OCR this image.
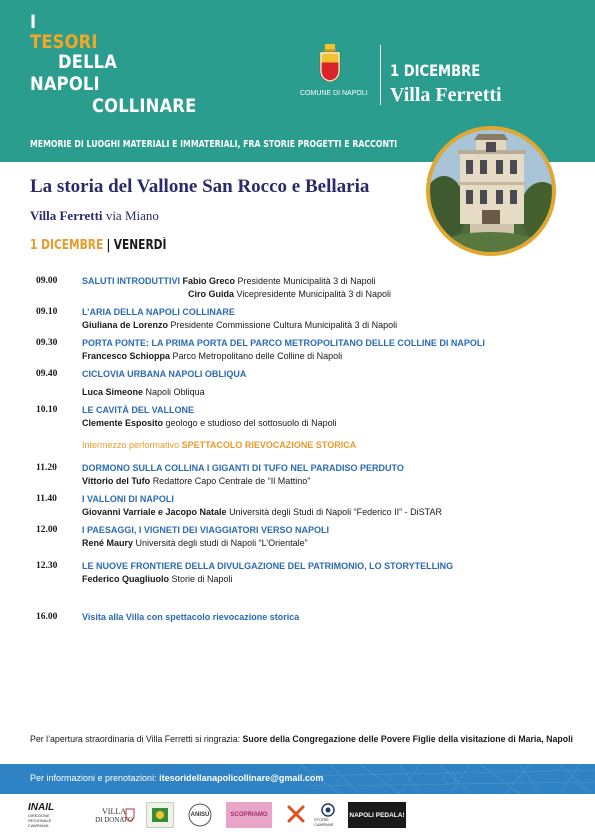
I
TESORI
DELLA
NAPOLI
COLLINARE
MEMORIE DI LUOGHI MATERIALI E IMMATERIALI, FRA STORIE PROGETTI E RACCONTI
COMUNE DI NAPOLI
1 DICEMBRE
Villa Ferretti
La storia del Vallone San Rocco e Bellaria
Villa Ferretti via Miano
1 DICEMBRE | VENERDÌ
09.00	SALUTI INTRODUTTIVI Fabio Greco Presidente Municipalità 3 di Napoli
Ciro Guida Vicepresidente Municipalità 3 di Napoli
09.10	L’ARIA DELLA NAPOLI COLLINARE
Giuliana de Lorenzo Presidente Commissione Cultura Municipalità 3 di Napoli
09.30	PORTA PONTE: LA PRIMA PORTA DEL PARCO METROPOLITANO DELLE COLLINE DI NAPOLI
Francesco Schioppa Parco Metropolitano delle Colline di Napoli
09.40	CICLOVIA URBANA NAPOLI OBLIQUA
Luca Simeone Napoli Obliqua
10.10	LE CAVITÀ DEL VALLONE
Clemente Esposito geologo e studioso del sottosuolo di Napoli
Intermezzo performativo SPETTACOLO RIEVOCAZIONE STORICA
11.20	DORMONO SULLA COLLINA I GIGANTI DI TUFO NEL PARADISO PERDUTO
Vittorio del Tufo Redattore Capo Centrale de “Il Mattino”
11.40	I VALLONI DI NAPOLI
Giovanni Varriale e Jacopo Natale Università degli Studi di Napoli “Federico II” - DiSTAR
12.00	I PAESAGGI, I VIGNETI DEI VIAGGIATORI VERSO NAPOLI
René Maury Università degli studi di Napoli “L’Orientale”
12.30	LE NUOVE FRONTIERE DELLA DIVULGAZIONE DEL PATRIMONIO, LO STORYTELLING
Federico Quagliuolo Storie di Napoli
16.00	Visita alla Villa con spettacolo rievocazione storica
Per l’apertura straordinaria di Villa Ferretti si ringrazia: Suore della Congregazione delle Povere Figlie della visitazione di Maria, Napoli
Per informazioni e prenotazioni: itesoridellanapolicollinare@gmail.com
INAIL
DIREZIONE REGIONALE CAMPANIA
VILLA
DI DONATO
ANISU	SCOPRIAMO
STORIE CAMPANE
NAPOLI PEDALA!
